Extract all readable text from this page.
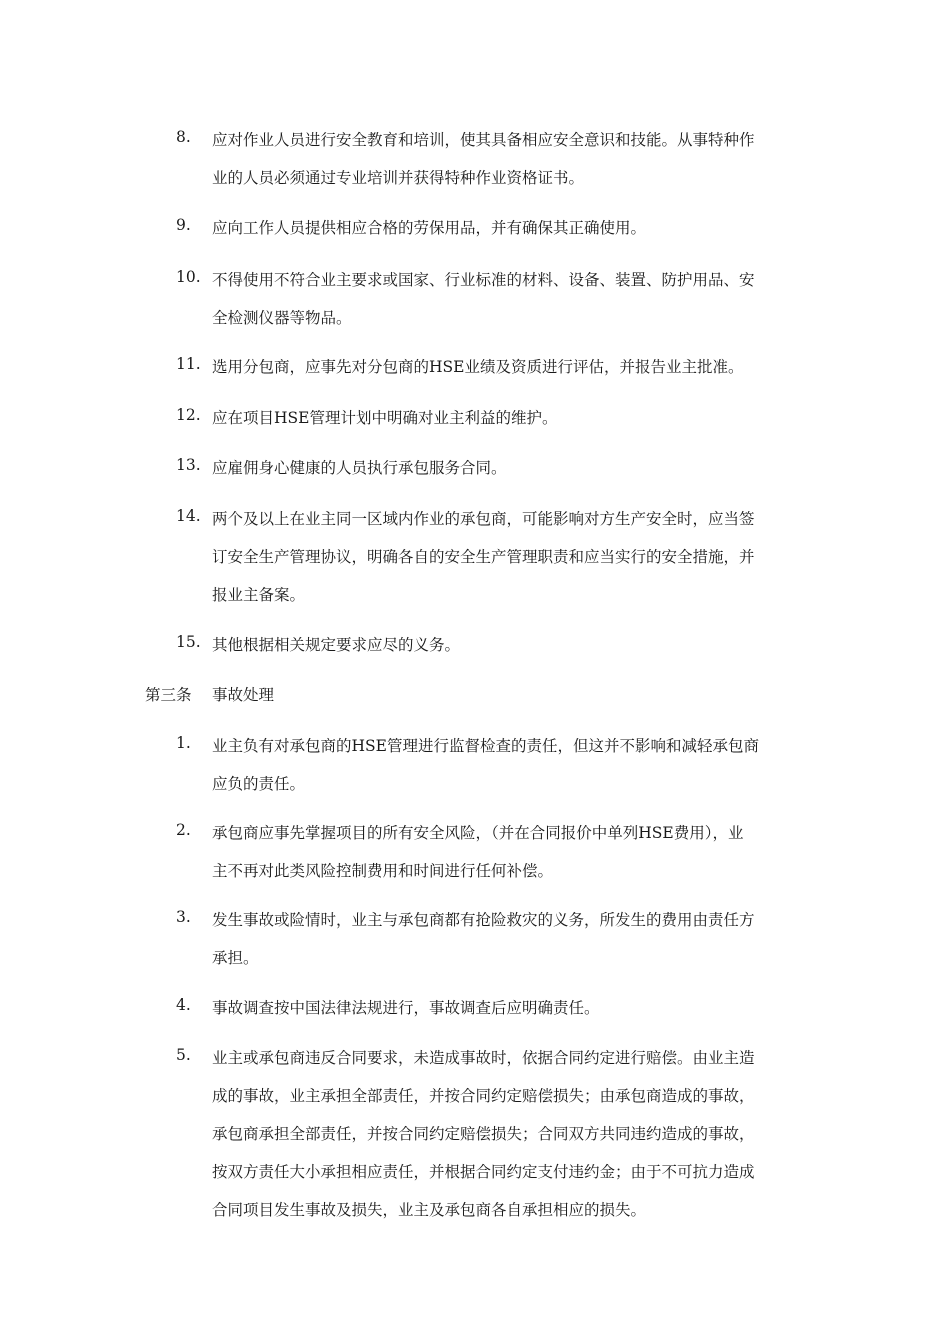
8.	应对作业人员进行安全教育和培训，使其具备相应安全意识和技能。从事特种作
业的人员必须通过专业培训并获得特种作业资格证书。
9.	应向工作人员提供相应合格的劳保用品，并有确保其正确使用。
10. 不得使用不符合业主要求或国家、行业标准的材料、设备、装置、防护用品、安
全检测仪器等物品。
11. 选用分包商，应事先对分包商的HSE业绩及资质进行评估，并报告业主批准。
12. 应在项目HSE管理计划中明确对业主利益的维护。
13. 应雇佣身心健康的人员执行承包服务合同。
14. 两个及以上在业主同一区域内作业的承包商，可能影响对方生产安全时，应当签
订安全生产管理协议，明确各自的安全生产管理职责和应当实行的安全措施，并
报业主备案。
15. 其他根据相关规定要求应尽的义务。
第三条 事故处理
1.	业主负有对承包商的HSE管理进行监督检查的责任，但这并不影响和减轻承包商
应负的责任。
2.	承包商应事先掌握项目的所有安全风险，（并在合同报价中单列HSE费用），业
主不再对此类风险控制费用和时间进行任何补偿。
3.	发生事故或险情时，业主与承包商都有抢险救灾的义务，所发生的费用由责任方
承担。
4.	事故调查按中国法律法规进行，事故调查后应明确责任。
5.	业主或承包商违反合同要求，未造成事故时，依据合同约定进行赔偿。由业主造
成的事故，业主承担全部责任，并按合同约定赔偿损失；由承包商造成的事故，
承包商承担全部责任，并按合同约定赔偿损失；合同双方共同违约造成的事故，
按双方责任大小承担相应责任，并根据合同约定支付违约金；由于不可抗力造成
合同项目发生事故及损失，业主及承包商各自承担相应的损失。
